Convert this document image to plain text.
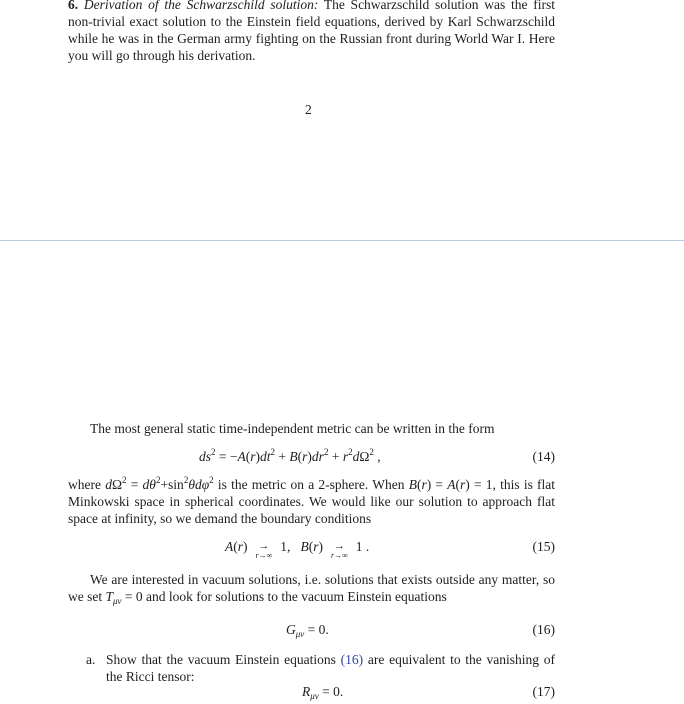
6. Derivation of the Schwarzschild solution: The Schwarzschild solution was the first non-trivial exact solution to the Einstein field equations, derived by Karl Schwarzschild while he was in the German army fighting on the Russian front during World War I. Here you will go through his derivation.
2
The most general static time-independent metric can be written in the form
$ds^2 = -A(r)dt^2 + B(r)dr^2 + r^2d\Omega^2$ ,	(14)
where $d\Omega^2 = d\theta^2+\sin^2\theta d\varphi^2$ is the metric on a 2-sphere. When B(r) = A(r) = 1, this is flat Minkowski space in spherical coordinates. We would like our solution to approach flat space at infinity, so we demand the boundary conditions
A(r) →
r→∞
1,   B(r) →
r→∞
1 .	(15)
We are interested in vacuum solutions, i.e. solutions that exists outside any matter, so we set $T_{\mu\nu} = 0$ and look for solutions to the vacuum Einstein equations
$G_{\mu\nu} = 0$.	(16)
a. Show that the vacuum Einstein equations (16) are equivalent to the vanishing of the Ricci tensor:
$R_{\mu\nu} = 0$.	(17)
